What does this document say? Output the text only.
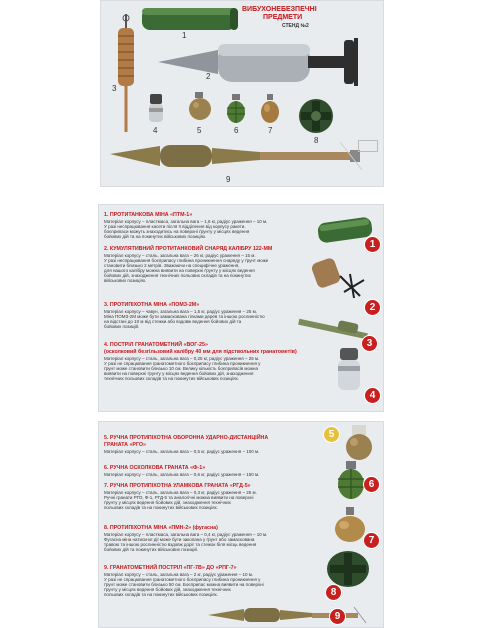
ВИБУХОНЕБЕЗПЕЧНІ
ПРЕДМЕТИ
СТЕНД №2
1
2
3
4	5	6	7
8
9
1. ПРОТИТАНКОВА МІНА «ПТМ-1»
Матеріал корпусу – пластмаса, загальна вага – 1,6 кг, радіус ураження – 10 м.
У разі неспрацювання касети після її відділення від корпусу ракети,
боєприпаси можуть знаходитись на поверхні ґрунту у місцях ведення
бойових дій та на покинутих військових позиціях.
2. КУМУЛЯТИВНИЙ ПРОТИТАНКОВИЙ СНАРЯД КАЛІБРУ 122-ММ
Матеріал корпусу – сталь, загальна вага – 26 кг, радіус ураження – 15 м.
У разі неспрацювання боєприпасу глибина проникнення снаряду у ґрунт може
становити близько 2 метрів. Зважаючи на специфічне ураження,
для нашого калібру можна виявити на поверхні ґрунту у місцях ведення
бойових дій, знаходження технічних польових складів та на покинутих
військових позиціях.
3. ПРОТИПІХОТНА МІНА «ПОМЗ-2М»
Матеріал корпусу – чавун, загальна вага – 1,5 кг, радіус ураження – 25 м.
Міна ПОМЗ-2М може бути замаскована гілками дерев та іншою рослинністю
на відстані до 10 м від стежки або вздовж ведення бойових дій та
бойових позицій.
4. ПОСТРІЛ ГРАНАТОМЕТНИЙ «ВОГ-25»
(осколковий безгільзовий калібру 40 мм для підствольних гранатометів)
Матеріал корпусу – сталь, загальна вага – 0,25 кг, радіус ураження – 25 м.
У разі не спрацювання гранатометного боєприпасу глибина проникнення у
ґрунт може становити близько 10 см. Велику кількість боєприпасів можна
виявити на поверхні ґрунту у місцях ведення бойових дій, знаходження
технічних польових складів та на покинутих військових позиціях.
1
2
3
4
5. РУЧНА ПРОТИПІХОТНА ОБОРОННА УДАРНО-ДИСТАНЦІЙНА
ГРАНАТА «РГО»
Матеріал корпусу – сталь, загальна вага – 0,5 кг, радіус ураження – 100 м.
6. РУЧНА ОСКОЛКОВА ГРАНАТА «Ф-1»
Матеріал корпусу – сталь, загальна вага – 0,6 кг, радіус ураження – 150 м.
7. РУЧНА ПРОТИПІХОТНА УЛАМКОВА ГРАНАТА «РГД-5»
Матеріал корпусу – сталь, загальна вага – 0,3 кг, радіус ураження – 25 м.
Ручні гранати РГО, Ф-1, РГД-5 та аналогічні можна виявити на поверхні
ґрунту у місцях ведення бойових дій, знаходження технічних
польових складів та на покинутих військових позиціях.
8. ПРОТИПІХОТНА МІНА «ПМН-2» (фугасна)
Матеріал корпусу – пластмаса, загальна вага – 0,4 кг, радіус ураження – 10 м.
Фугасна міна натискної дії може бути закопана у ґрунт або замаскована
травою та іншою рослинністю вздовж доріг та стежок біля місць ведення
бойових дій та покинутих військових позицій.
9. ГРАНАТОМЕТНИЙ ПОСТРІЛ «ПГ-7В» ДО «РПГ-7»
Матеріал корпусу – сталь, загальна вага – 2 кг, радіус ураження – 10 м.
У разі не спрацювання гранатометного боєприпасу глибина проникнення у
ґрунт може становити близько 50 см. Боєприпас можна виявити на поверхні
ґрунту у місцях ведення бойових дій, знаходження технічних
польових складів та на покинутих військових позиціях.
5
6
7
8
9
